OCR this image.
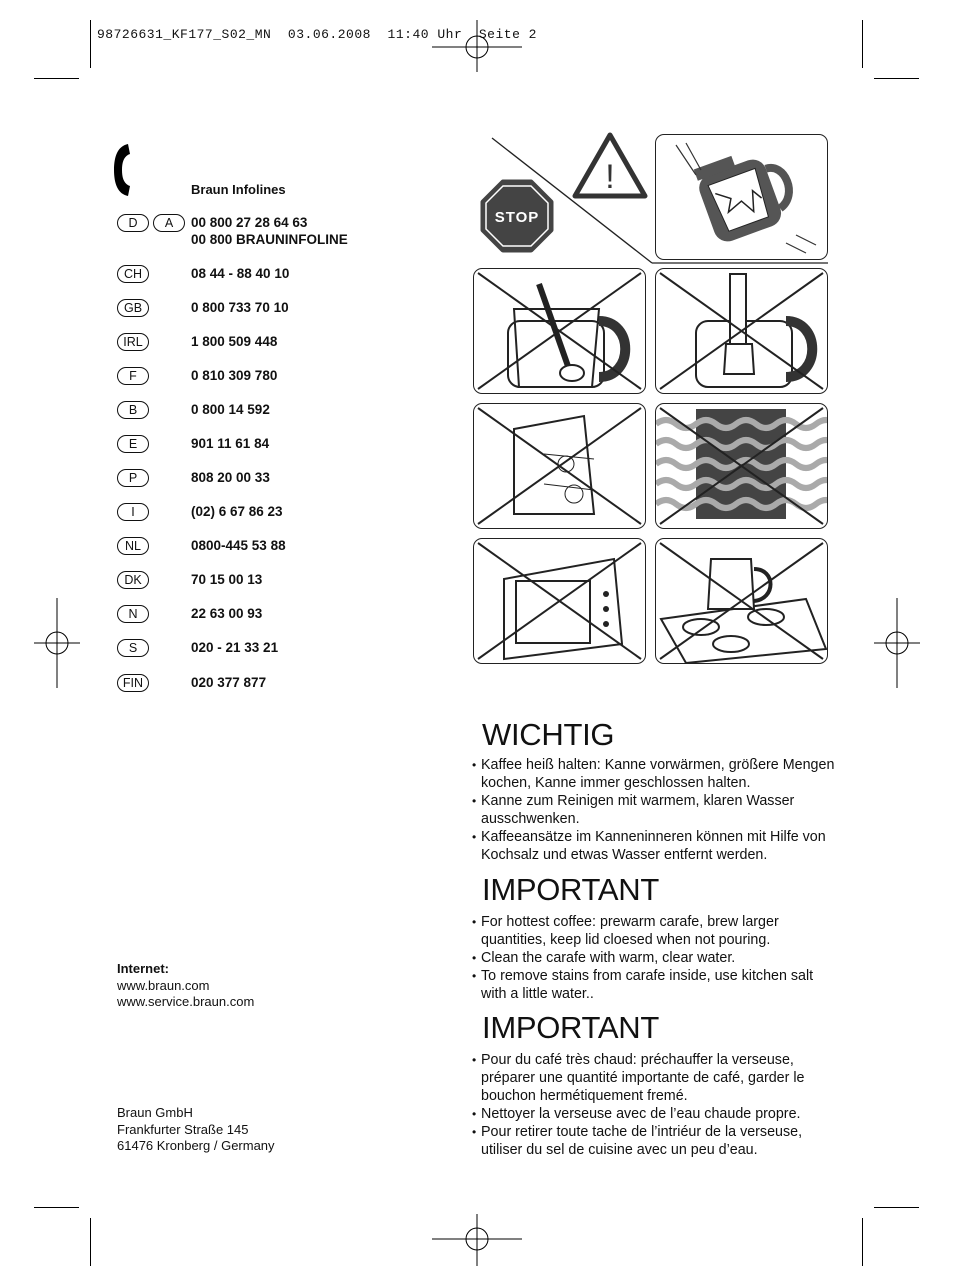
98726631_KF177_S02_MN  03.06.2008  11:40 Uhr  Seite 2
Braun Infolines
D	A	00 800 27 28 64 63
00 800 BRAUNINFOLINE
CH	08 44 - 88 40 10
GB	0 800 733 70 10
IRL	1 800 509 448
F	0 810 309 780
B	0 800 14 592
E	901 11 61 84
P	808 20 00 33
I	(02) 6 67 86 23
NL	0800-445 53 88
DK	70 15 00 13
N	22 63 00 93
S	020 - 21 33 21
FIN	020 377 877
Internet:
www.braun.com
www.service.braun.com
Braun GmbH
Frankfurter Straße 145
61476 Kronberg / Germany
STOP
!
WICHTIG
• Kaffee heiß halten: Kanne vorwärmen, größere Mengen kochen, Kanne immer geschlossen halten.
• Kanne zum Reinigen mit warmem, klaren Wasser ausschwenken.
• Kaffeeansätze im Kanneninneren können mit Hilfe von Kochsalz und etwas Wasser entfernt werden.
IMPORTANT
• For hottest coffee: prewarm carafe, brew larger quantities, keep lid cloesed when not pouring.
• Clean the carafe with warm, clear water.
• To remove stains from carafe inside, use kitchen salt with a little water..
IMPORTANT
• Pour du café très chaud: préchauffer la verseuse, préparer une quantité importante de café, garder le bouchon hermétiquement fremé.
• Nettoyer la verseuse avec de l’eau chaude propre.
• Pour retirer toute tache de l’intriéur de la verseuse, utiliser du sel de cuisine avec un peu d’eau.
